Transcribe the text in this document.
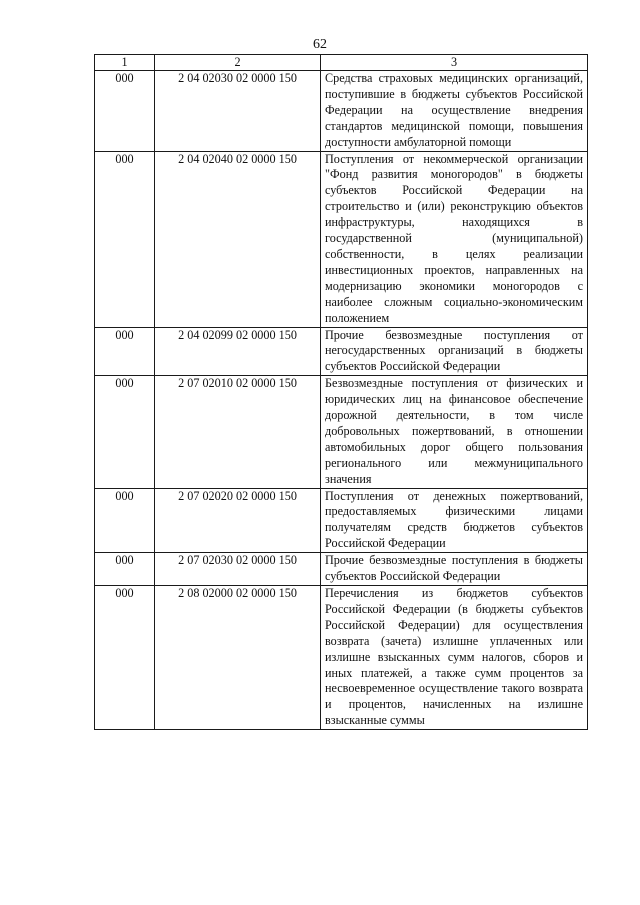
62
1	2	3
000	2 04 02030 02 0000 150	Средства страховых медицинских организаций, поступившие в бюджеты субъектов Российской Федерации на осуществление внедрения стандартов медицинской помощи, повышения доступности амбулаторной помощи
000	2 04 02040 02 0000 150	Поступления от некоммерческой организации "Фонд развития моногородов" в бюджеты субъектов Российской Федерации на строительство и (или) реконструкцию объектов инфраструктуры, находящихся в государственной (муниципальной) собственности, в целях реализации инвестиционных проектов, направленных на модернизацию экономики моногородов с наиболее сложным социально-экономическим положением
000	2 04 02099 02 0000 150	Прочие безвозмездные поступления от негосударственных организаций в бюджеты субъектов Российской Федерации
000	2 07 02010 02 0000 150	Безвозмездные поступления от физических и юридических лиц на финансовое обеспечение дорожной деятельности, в том числе добровольных пожертвований, в отношении автомобильных дорог общего пользования регионального или межмуниципального значения
000	2 07 02020 02 0000 150	Поступления от денежных пожертвований, предоставляемых физическими лицами получателям средств бюджетов субъектов Российской Федерации
000	2 07 02030 02 0000 150	Прочие безвозмездные поступления в бюджеты субъектов Российской Федерации
000	2 08 02000 02 0000 150	Перечисления из бюджетов субъектов Российской Федерации (в бюджеты субъектов Российской Федерации) для осуществления возврата (зачета) излишне уплаченных или излишне взысканных сумм налогов, сборов и иных платежей, а также сумм процентов за несвоевременное осуществление такого возврата и процентов, начисленных на излишне взысканные суммы
